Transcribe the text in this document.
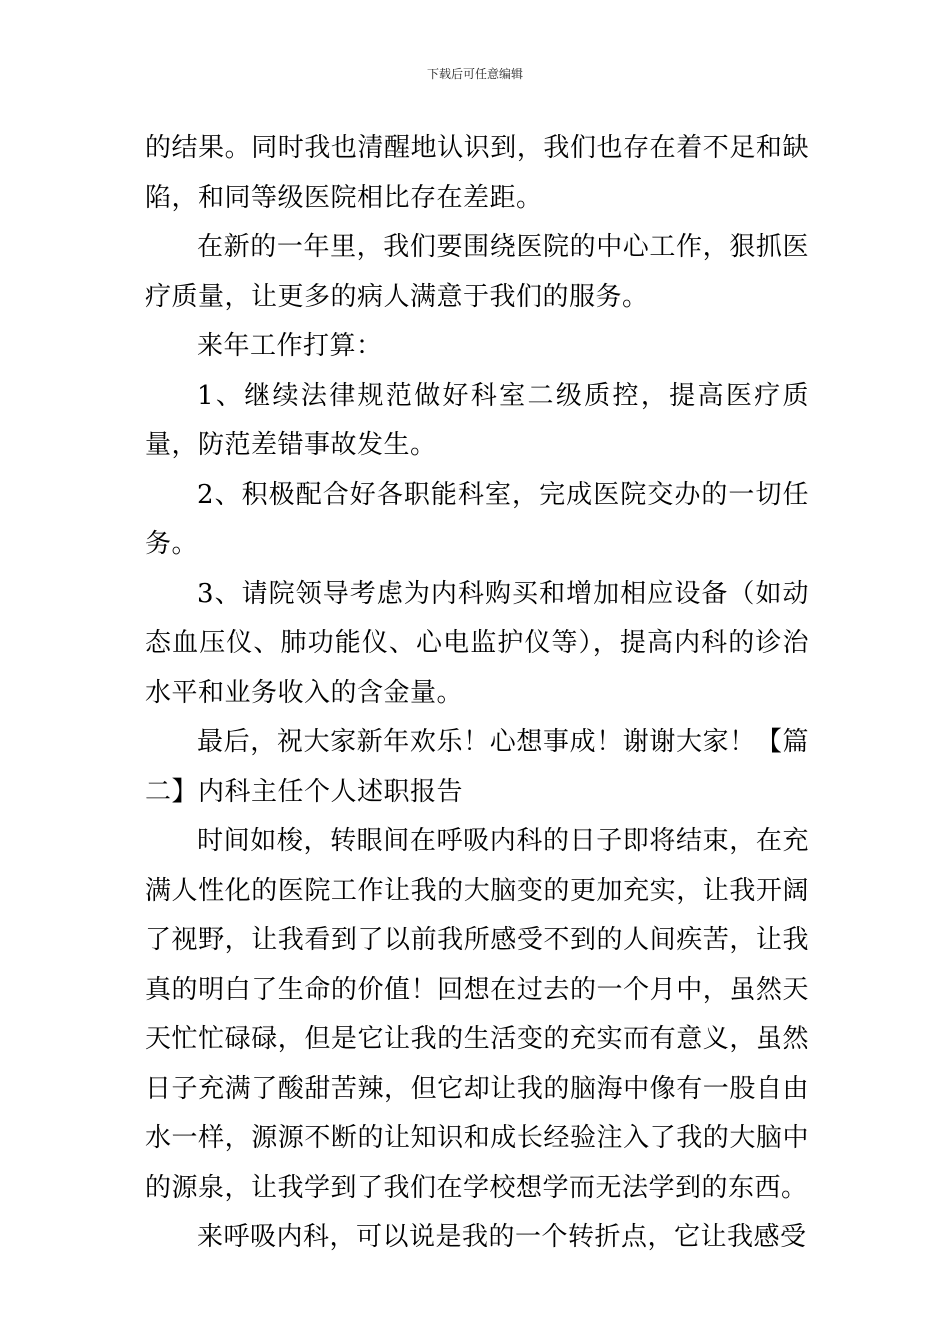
下载后可任意编辑

的结果。同时我也清醒地认识到，我们也存在着不足和缺陷，和同等级医院相比存在差距。

在新的一年里，我们要围绕医院的中心工作，狠抓医疗质量，让更多的病人满意于我们的服务。

来年工作打算：

1、继续法律规范做好科室二级质控，提高医疗质量，防范差错事故发生。

2、积极配合好各职能科室，完成医院交办的一切任务。

3、请院领导考虑为内科购买和增加相应设备（如动态血压仪、肺功能仪、心电监护仪等），提高内科的诊治水平和业务收入的含金量。

最后，祝大家新年欢乐！心想事成！谢谢大家！【篇二】内科主任个人述职报告

时间如梭，转眼间在呼吸内科的日子即将结束，在充满人性化的医院工作让我的大脑变的更加充实，让我开阔了视野，让我看到了以前我所感受不到的人间疾苦，让我真的明白了生命的价值！回想在过去的一个月中，虽然天天忙忙碌碌，但是它让我的生活变的充实而有意义，虽然日子充满了酸甜苦辣，但它却让我的脑海中像有一股自由水一样，源源不断的让知识和成长经验注入了我的大脑中的源泉，让我学到了我们在学校想学而无法学到的东西。

来呼吸内科，可以说是我的一个转折点，它让我感受
